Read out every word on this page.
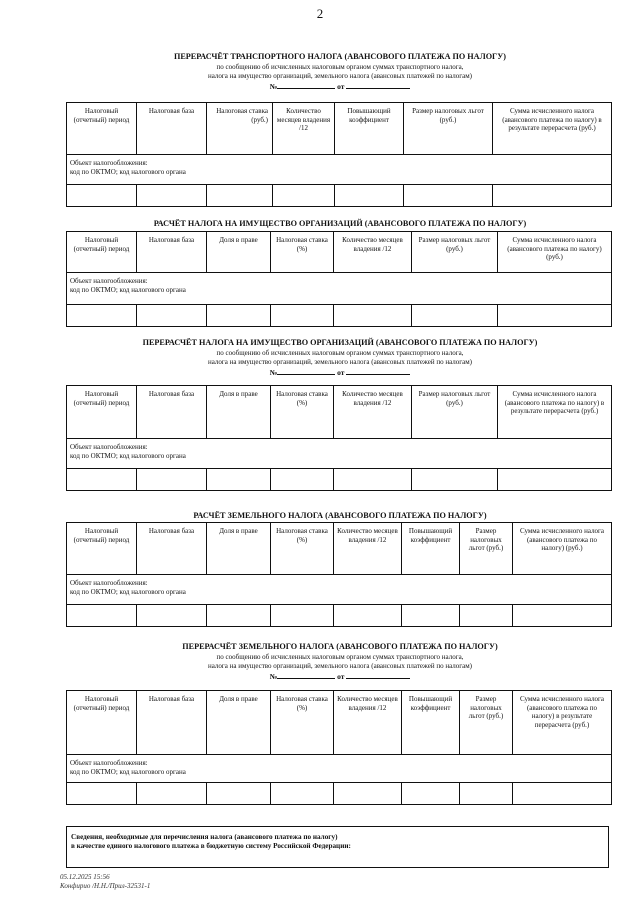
2
ПЕРЕРАСЧЁТ ТРАНСПОРТНОГО НАЛОГА (АВАНСОВОГО ПЛАТЕЖА ПО НАЛОГУ)
по сообщению об исчисленных налоговым органом суммах транспортного налога,
налога на имущество организаций, земельного налога (авансовых платежей по налогам)
№	от
Налоговый (отчетный) период	Налоговая база	Налоговая ставка (руб.)	Количество месяцев владения /12	Повышающий коэффициент	Размер налоговых льгот (руб.)	Сумма исчисленного налога (авансового платежа по налогу) в результате перерасчета (руб.)

Объект налогообложения:
код по ОКТМО; код налогового органа						

РАСЧЁТ НАЛОГА НА ИМУЩЕСТВО ОРГАНИЗАЦИЙ (АВАНСОВОГО ПЛАТЕЖА ПО НАЛОГУ)
Налоговый (отчетный) период	Налоговая база	Доля в праве	Налоговая ставка (%)	Количество месяцев владения /12	Размер налоговых льгот (руб.)	Сумма исчисленного налога (авансового платежа по налогу) (руб.)

Объект налогообложения:
код по ОКТМО; код налогового органа						

ПЕРЕРАСЧЁТ НАЛОГА НА ИМУЩЕСТВО ОРГАНИЗАЦИЙ (АВАНСОВОГО ПЛАТЕЖА ПО НАЛОГУ)
по сообщению об исчисленных налоговым органом суммах транспортного налога,
налога на имущество организаций, земельного налога (авансовых платежей по налогам)
№	от
Налоговый (отчетный) период	Налоговая база	Доля в праве	Налоговая ставка (%)	Количество месяцев владения /12	Размер налоговых льгот (руб.)	Сумма исчисленного налога (авансового платежа по налогу) в результате перерасчета (руб.)

Объект налогообложения:
код по ОКТМО; код налогового органа						

РАСЧЁТ ЗЕМЕЛЬНОГО НАЛОГА (АВАНСОВОГО ПЛАТЕЖА ПО НАЛОГУ)
Налоговый (отчетный) период	Налоговая база	Доля в праве	Налоговая ставка (%)	Количество месяцев владения /12	Повышающий коэффициент	Размер налоговых льгот (руб.)	Сумма исчисленного налога (авансового платежа по налогу) (руб.)

Объект налогообложения:
код по ОКТМО; код налогового органа							

ПЕРЕРАСЧЁТ ЗЕМЕЛЬНОГО НАЛОГА (АВАНСОВОГО ПЛАТЕЖА ПО НАЛОГУ)
по сообщению об исчисленных налоговым органом суммах транспортного налога,
налога на имущество организаций, земельного налога (авансовых платежей по налогам)
№	от
Налоговый (отчетный) период	Налоговая база	Доля в праве	Налоговая ставка (%)	Количество месяцев владения /12	Повышающий коэффициент	Размер налоговых льгот (руб.)	Сумма исчисленного налога (авансового платежа по налогу) в результате перерасчета (руб.)

Объект налогообложения:
код по ОКТМО; код налогового органа							

Сведения, необходимые для перечисления налога (авансового платежа по налогу)
в качестве единого налогового платежа в бюджетную систему Российской Федерации:
05.12.2025 15:56
Конфирио /Н.Н./Прил-32531-1
